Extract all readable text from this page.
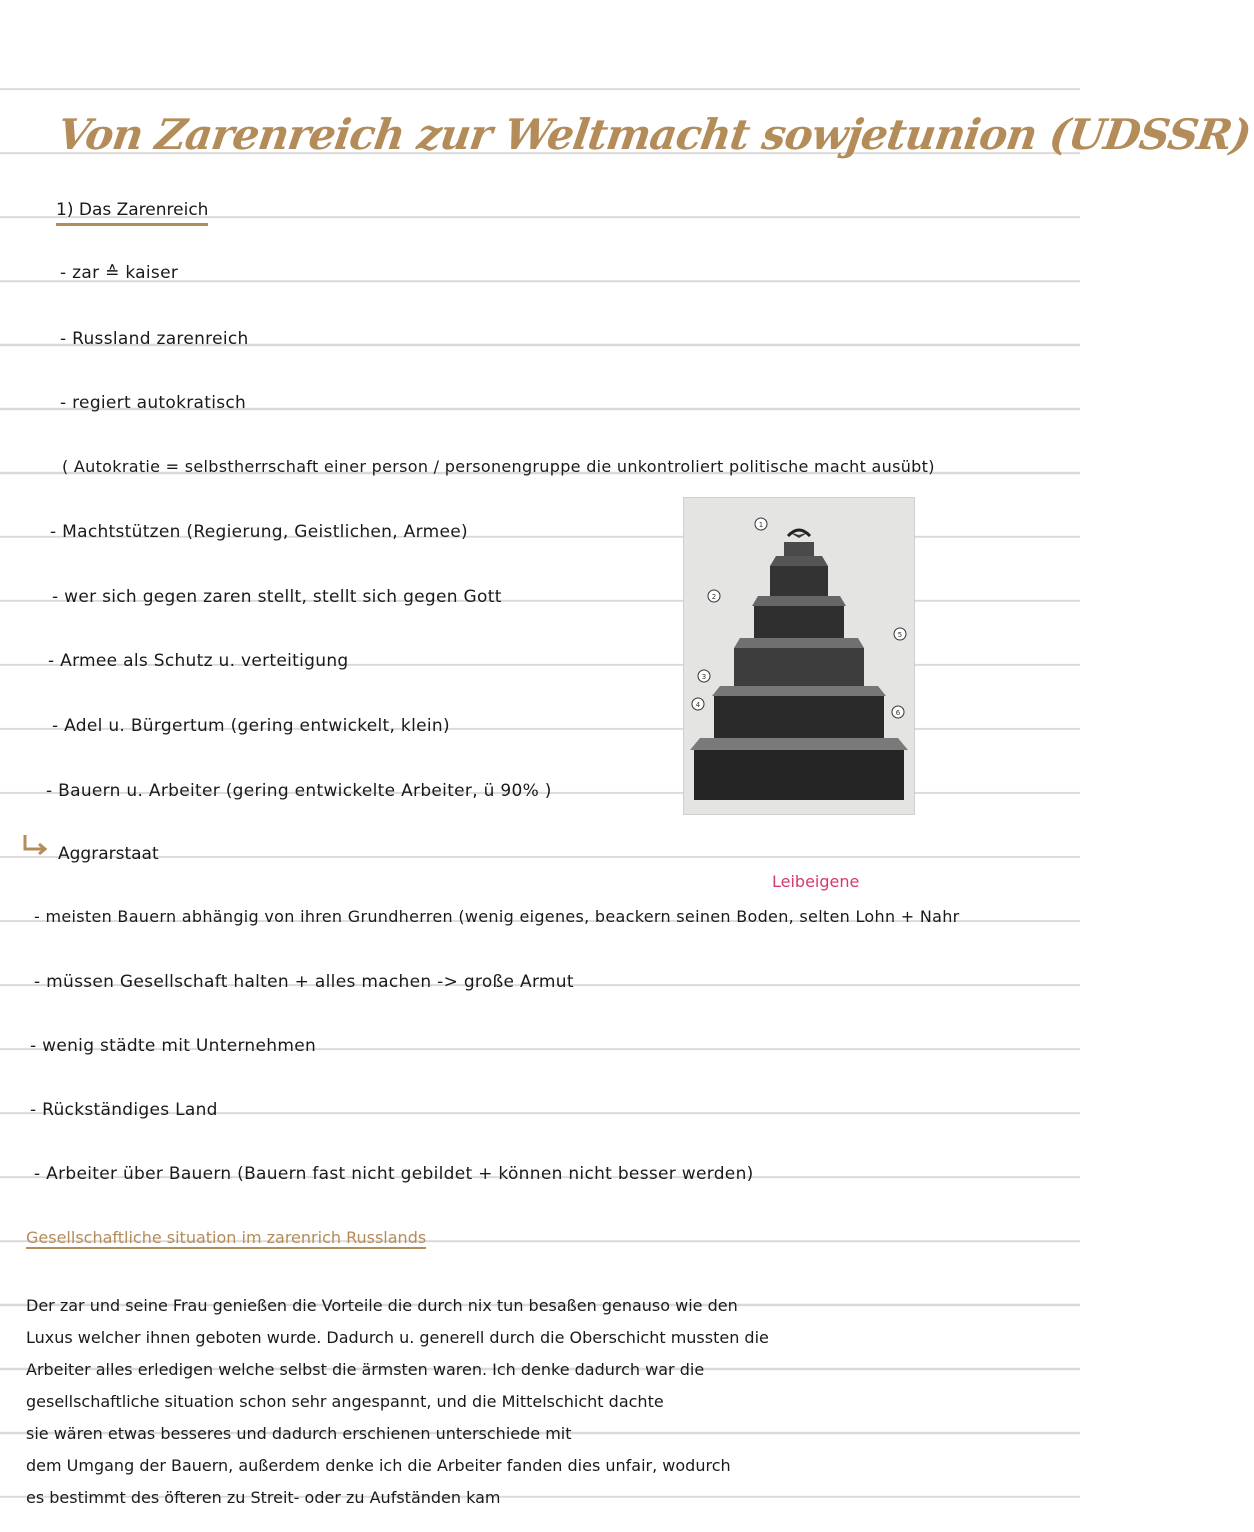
Von Zarenreich zur Weltmacht sowjetunion (UDSSR)
1) Das Zarenreich
- zar ≙ kaiser
- Russland zarenreich
- regiert autokratisch
( Autokratie = selbstherrschaft einer person / personengruppe die unkontroliert politische macht ausübt)
- Machtstützen (Regierung, Geistlichen, Armee)
- wer sich gegen zaren stellt, stellt sich gegen Gott
- Armee als Schutz u. verteitigung
- Adel u. Bürgertum (gering entwickelt, klein)
- Bauern u. Arbeiter (gering entwickelte Arbeiter, ü 90% )
1
2
3
4
5
6
Aggrarstaat
Leibeigene
- meisten Bauern abhängig von ihren Grundherren (wenig eigenes, beackern seinen Boden, selten Lohn + Nahr
- müssen Gesellschaft halten + alles machen -> große Armut
- wenig städte mit Unternehmen
- Rückständiges Land
- Arbeiter über Bauern (Bauern fast nicht gebildet + können nicht besser werden)
Gesellschaftliche situation im zarenrich Russlands
Der zar und seine Frau genießen die Vorteile die durch nix tun besaßen genauso wie den
Luxus welcher ihnen geboten wurde. Dadurch u. generell durch die Oberschicht mussten die
Arbeiter alles erledigen welche selbst die ärmsten waren. Ich denke dadurch war die
gesellschaftliche situation schon sehr angespannt, und die Mittelschicht dachte
sie wären etwas besseres und dadurch erschienen unterschiede mit
dem Umgang der Bauern, außerdem denke ich die Arbeiter fanden dies unfair, wodurch
es bestimmt des öfteren zu Streit- oder zu Aufständen kam
